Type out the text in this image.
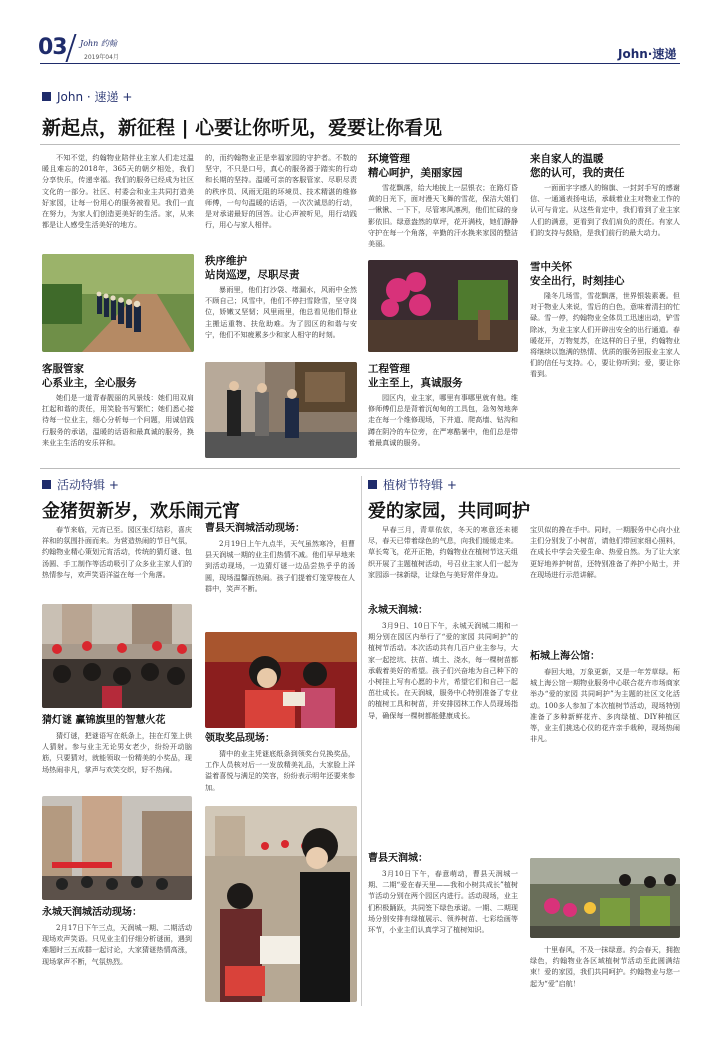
03 John 约翰
2019年04月	John·速递
John · 速递 +
新起点，新征程 | 心要让你听见，爱要让你看见
不知不觉，约翰物业陪伴业主家人们走过温暖且难忘的2018年，365天的朝夕相处，我们分享快乐，传递幸福。我们的服务已经成为社区文化的一部分。社区、村委会和业主共同打造美好家园，让每一份用心的服务被看见。我们一直在努力，为家人们创造更美好的生活。家，从来都是让人感受生活美好的地方。
的，而约翰物业正是幸福家园的守护者。不数的坚守，不只是口号，真心的服务源于踏实的行动和长期的坚持。温暖可亲的客服管家、尽职尽责的秩序员、风雨无阻的环境员、技术精湛的维修师傅，一句句温暖的话语，一次次诚恳的行动，是对承诺最好的回答。让心声被听见，用行动践行，用心与家人相伴。
秩序维护
站岗巡逻，尽职尽责
暴雨里，他们打沙袋、堵漏水，风雨中全然不顾自己；风雪中，他们不停扫雪除雪，坚守岗位，娇嫩又坚韧；风里雨里，他总看见他们帮业主搬运重物、扶危助难。为了园区的和谐与安宁，他们不知疲累多少和家人相守的时刻。
客服管家
心系业主，全心服务
她们是一道青春靓丽的风景线：她们用双肩扛起和谐的责任，用笑脸书写繁忙；她们悉心接待每一位业主，细心分析每一个问题，用诚信践行服务的承诺，温暖的话语和最真诚的服务，换来业主生活的安乐祥和。
环境管理
精心呵护，美丽家园
雪花飘落，给大地披上一层银衣；在路灯昏黄的日光下，面对漫天飞舞的雪花，保洁大姐们一锹锹、一下下，尽管寒风凛冽，他们忙碌的身影依旧。绿意盎然的草坪，花开满枝，她们静静守护在每一个角落，辛勤的汗水换来家园的整洁美丽。
工程管理
业主至上，真诚服务
园区内，业主家，哪里有事哪里就有他。维修师傅们总是背着沉甸甸的工具包，急匆匆地奔走在每一个维修现场，下井道、爬高墙、钻沟和蹲在阴冷的车位旁，在严寒酷暑中，他们总是带着最真诚的服务。
来自家人的温暖
您的认可，我的责任
一面面字字感人的锦旗、一封封手写的感谢信、一通通表扬电话，承载着业主对物业工作的认可与肯定。从这些肯定中，我们看到了业主家人们的满意，更看到了我们肩负的责任。有家人们的支持与鼓励，是我们前行的最大动力。
雪中关怀
安全出行，时刻挂心
隆冬几场雪，雪花飘落，世界银装素裹。但对于物业人来说，雪后的白色，意味着清扫的忙碌。雪一停，约翰物业全体员工迅速出动，铲雪除冰，为业主家人们开辟出安全的出行通道。春暖花开，万物复苏，在这样的日子里，约翰物业将继续以饱满的热情、优质的服务回报业主家人们的信任与支持。心，要让你听到；爱，要让你看到。
活动特辑 +
金猪贺新岁，欢乐闹元宵
春节来临，元宵已至。园区张灯结彩，喜庆祥和的氛围扑面而来。为营造热闹的节日气氛，约翰物业精心策划元宵活动，传统的猜灯谜、包汤圆、手工制作等活动吸引了众多业主家人们的热情参与，欢声笑语洋溢在每一个角落。
猜灯谜 赢锦旗里的智慧火花
猜灯谜，把谜语写在纸条上，挂在灯笼上供人猜射。参与业主无论男女老少，纷纷开动脑筋，只要猜对，就能领取一份精美的小奖品，现场热闹非凡，掌声与欢笑交织，好不热闹。
永城天润城活动现场：
2月17日下午三点，天润城一期、二期活动现场欢声笑语。只见业主们仔细分析谜面，遇到难题时三五成群一起讨论，大家猜谜热情高涨，现场掌声不断，气氛热烈。
曹县天润城活动现场：
2月19日上午九点半，天气虽然寒冷，但曹县天润城一期的业主们热情不减。他们早早地来到活动现场，一边猜灯谜一边品尝热乎乎的汤圆，现场温馨而热闹。孩子们提着灯笼穿梭在人群中，笑声不断。
领取奖品现场：
猜中的业主凭谜底纸条到领奖台兑换奖品，工作人员核对后一一发放精美礼品，大家脸上洋溢着喜悦与满足的笑容，纷纷表示明年还要来参加。
植树节特辑 +
爱的家园，共同呵护
早春三月，青草依依，冬天的寒意还未褪尽，春天已带着绿色的气息，向我们缓缓走来。草长莺飞，花开正艳，约翰物业在植树节这天组织开展了主题植树活动，号召业主家人们一起为家园添一抹新绿，让绿色与美好常伴身边。
永城天润城：
3月9日、10日下午，永城天润城二期和一期分别在园区内举行了“爱的家园 共同呵护”的植树节活动。本次活动共有几百户业主参与，大家一起挖坑、扶苗、填土、浇水，每一棵树苗都承载着美好的希望。孩子们兴奋地为自己种下的小树挂上写有心愿的卡片，希望它们和自己一起茁壮成长。在天润城，服务中心特别准备了专业的植树工具和树苗，并安排园林工作人员现场指导，确保每一棵树都能健康成长。
曹县天润城：
3月10日下午，春意萌动，曹县天润城一期、二期“爱在春天里——我和小树共成长”植树节活动分别在两个园区内进行。活动现场，业主们积极踊跃，共同签下绿色承诺。一期、二期现场分别安排有绿植展示、领养树苗、七彩绘画等环节，小业主们认真学习了植树知识。
宝贝似的搀在手中。同时，一期服务中心向小业主们分别发了小树苗，请他们带回家细心照料，在成长中学会关爱生命、热爱自然。为了让大家更好地养护树苗，还特别准备了养护小贴士，并在现场进行示范讲解。
柘城上海公馆：
春回大地，万象更新，又是一年芳草绿。柘城上海公馆一期物业服务中心联合花卉市场商家举办“爱的家园 共同呵护”为主题的社区文化活动。100多人参加了本次植树节活动，现场特别准备了多种新鲜花卉、多肉绿植、DIY种植区等，业主们挑选心仪的花卉亲手栽种，现场热闹非凡。
十里春风，不及一抹绿意。约会春天，拥抱绿色，约翰物业各区域植树节活动至此圆满结束！爱的家园，我们共同呵护。约翰物业与您一起为“爱”启航！
